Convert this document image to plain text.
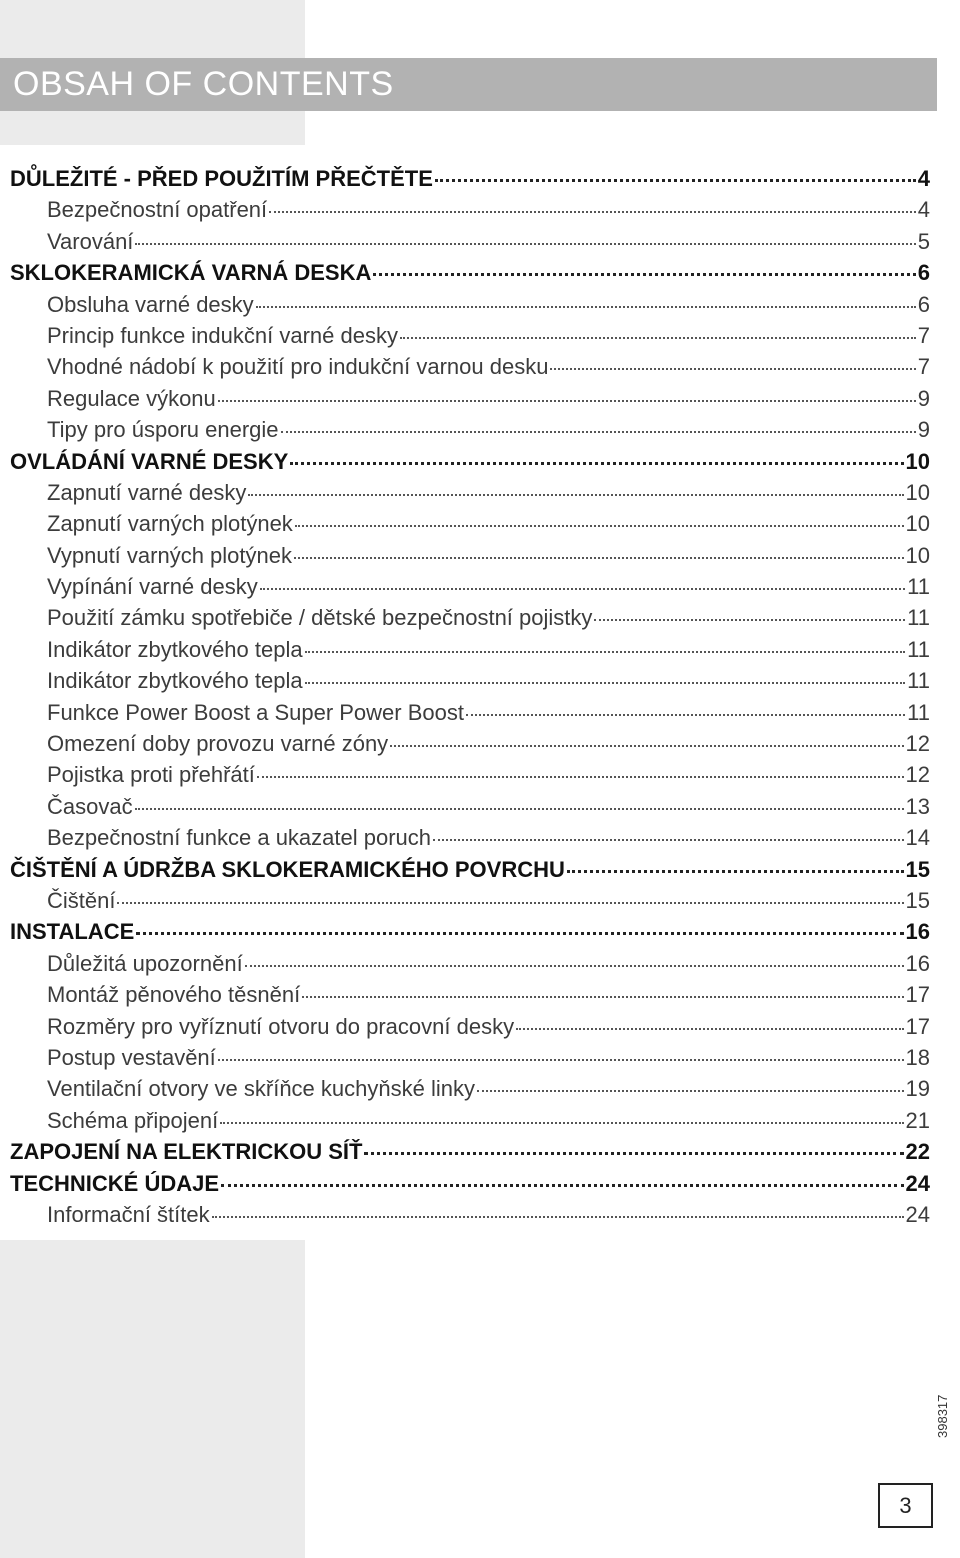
OBSAH OF CONTENTS
DŮLEŽITÉ - PŘED POUŽITÍM PŘEČTĚTE	4
Bezpečnostní opatření	4
Varování	5
SKLOKERAMICKÁ VARNÁ DESKA	6
Obsluha varné desky	6
Princip funkce indukční varné desky	7
Vhodné nádobí k použití pro indukční varnou desku	7
Regulace výkonu	9
Tipy pro úsporu energie	9
OVLÁDÁNÍ VARNÉ DESKY	10
Zapnutí varné desky	10
Zapnutí varných plotýnek	10
Vypnutí varných plotýnek	10
Vypínání varné desky	11
Použití zámku spotřebiče / dětské bezpečnostní pojistky	11
Indikátor zbytkového tepla	11
Indikátor zbytkového tepla	11
Funkce Power Boost a Super Power Boost	11
Omezení doby provozu varné zóny	12
Pojistka proti přehřátí	12
Časovač	13
Bezpečnostní funkce a ukazatel poruch	14
ČIŠTĚNÍ A ÚDRŽBA SKLOKERAMICKÉHO POVRCHU	15
Čištění	15
INSTALACE	16
Důležitá upozornění	16
Montáž pěnového těsnění	17
Rozměry pro vyříznutí otvoru do pracovní desky	17
Postup vestavění	18
Ventilační otvory ve skříňce kuchyňské linky	19
Schéma připojení	21
ZAPOJENÍ NA ELEKTRICKOU SÍŤ	22
TECHNICKÉ ÚDAJE	24
Informační štítek	24
398317
3
